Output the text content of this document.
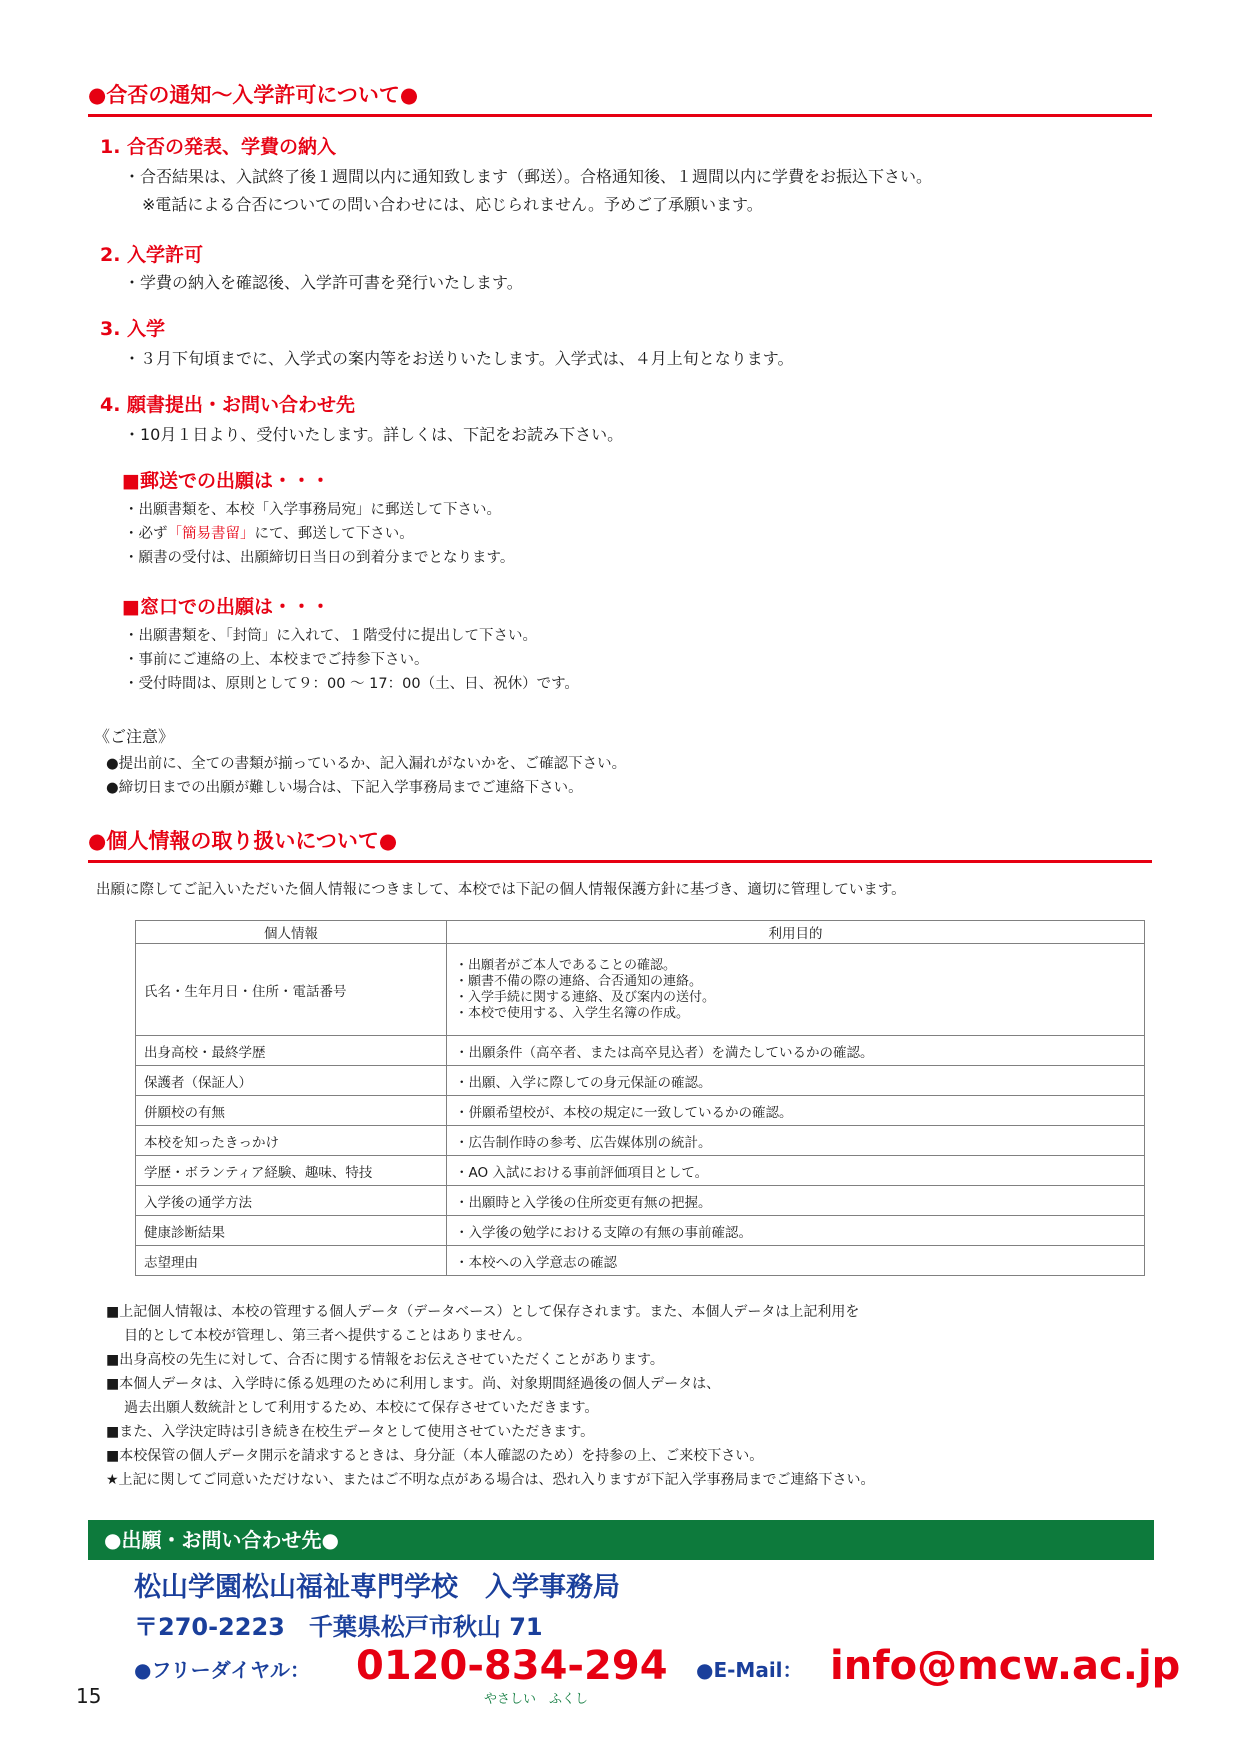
●合否の通知〜入学許可について●
1. 合否の発表、学費の納入
・合否結果は、入試終了後１週間以内に通知致します（郵送）。合格通知後、１週間以内に学費をお振込下さい。
※電話による合否についての問い合わせには、応じられません。予めご了承願います。
2. 入学許可
・学費の納入を確認後、入学許可書を発行いたします。
3. 入学
・３月下旬頃までに、入学式の案内等をお送りいたします。入学式は、４月上旬となります。
4. 願書提出・お問い合わせ先
・10月１日より、受付いたします。詳しくは、下記をお読み下さい。
■郵送での出願は・・・
・出願書類を、本校「入学事務局宛」に郵送して下さい。
・必ず「簡易書留」にて、郵送して下さい。
・願書の受付は、出願締切日当日の到着分までとなります。
■窓口での出願は・・・
・出願書類を、「封筒」に入れて、１階受付に提出して下さい。
・事前にご連絡の上、本校までご持参下さい。
・受付時間は、原則として９：00 〜 17：00（土、日、祝休）です。
《ご注意》
●提出前に、全ての書類が揃っているか、記入漏れがないかを、ご確認下さい。
●締切日までの出願が難しい場合は、下記入学事務局までご連絡下さい。
●個人情報の取り扱いについて●
出願に際してご記入いただいた個人情報につきまして、本校では下記の個人情報保護方針に基づき、適切に管理しています。
個人情報	利用目的
氏名・生年月日・住所・電話番号	・出願者がご本人であることの確認。
・願書不備の際の連絡、合否通知の連絡。
・入学手続に関する連絡、及び案内の送付。
・本校で使用する、入学生名簿の作成。

出身高校・最終学歴	・出願条件（高卒者、または高卒見込者）を満たしているかの確認。
保護者（保証人）	・出願、入学に際しての身元保証の確認。
併願校の有無	・併願希望校が、本校の規定に一致しているかの確認。
本校を知ったきっかけ	・広告制作時の参考、広告媒体別の統計。
学歴・ボランティア経験、趣味、特技	・AO 入試における事前評価項目として。
入学後の通学方法	・出願時と入学後の住所変更有無の把握。
健康診断結果	・入学後の勉学における支障の有無の事前確認。
志望理由	・本校への入学意志の確認
■上記個人情報は、本校の管理する個人データ（データベース）として保存されます。また、本個人データは上記利用を
目的として本校が管理し、第三者へ提供することはありません。
■出身高校の先生に対して、合否に関する情報をお伝えさせていただくことがあります。
■本個人データは、入学時に係る処理のために利用します。尚、対象期間経過後の個人データは、
過去出願人数統計として利用するため、本校にて保存させていただきます。
■また、入学決定時は引き続き在校生データとして使用させていただきます。
■本校保管の個人データ開示を請求するときは、身分証（本人確認のため）を持参の上、ご来校下さい。
★上記に関してご同意いただけない、またはご不明な点がある場合は、恐れ入りますが下記入学事務局までご連絡下さい。
●出願・お問い合わせ先●
松山学園松山福祉専門学校　入学事務局
〒270-2223　千葉県松戸市秋山 71
●フリーダイヤル： 0120-834-294 ●E-Mail： info@mcw.ac.jp
やさしい　ふくし
15
